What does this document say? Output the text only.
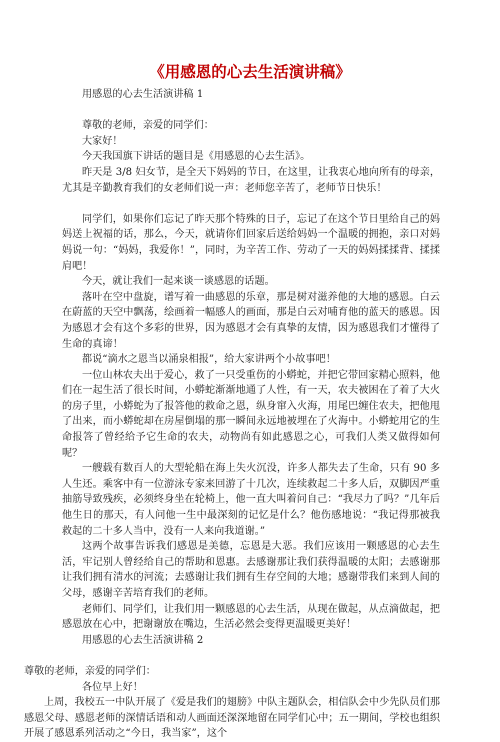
《用感恩的心去生活演讲稿》

用感恩的心去生活演讲稿 1

尊敬的老师，亲爱的同学们：

大家好！

今天我国旗下讲话的题目是《用感恩的心去生活》。

昨天是 3/8 妇女节，是全天下妈妈的节日，在这里，让我衷心地向所有的母亲，尤其是辛勤教育我们的女老师们说一声：老师您辛苦了，老师节日快乐！

同学们，如果你们忘记了昨天那个特殊的日子，忘记了在这个节日里给自己的妈妈送上祝福的话，那么，今天，就请你们回家后送给妈妈一个温暖的拥抱，亲口对妈妈说一句：“妈妈，我爱你！”，同时，为辛苦工作、劳动了一天的妈妈揉揉背、揉揉肩吧！

今天，就让我们一起来谈一谈感恩的话题。

落叶在空中盘旋，谱写着一曲感恩的乐章，那是树对滋养他的大地的感恩。白云在蔚蓝的天空中飘荡，绘画着一幅感人的画面，那是白云对哺育他的蓝天的感恩。因为感恩才会有这个多彩的世界，因为感恩才会有真挚的友情，因为感恩我们才懂得了生命的真谛！

都说“滴水之恩当以涌泉相报”，给大家讲两个小故事吧！

一位山林农夫出于爱心，救了一只受重伤的小蟒蛇，并把它带回家精心照料，他们在一起生活了很长时间，小蟒蛇渐渐地通了人性，有一天，农夫被困在了着了大火的房子里，小蟒蛇为了报答他的救命之恩，纵身窜入火海，用尾巴缠住农夫，把他甩了出来，而小蟒蛇却在房屋倒塌的那一瞬间永远地被埋在了火海中。小蟒蛇用它的生命报答了曾经给予它生命的农夫，动物尚有如此感恩之心，可我们人类又做得如何呢？

一艘载有数百人的大型轮船在海上失火沉没，许多人都失去了生命，只有 90 多人生还。乘客中有一位游泳专家来回游了十几次，连续救起二十多人后，双脚因严重抽筋导致残疾，必须终身坐在轮椅上，他一直大叫着问自己：“我尽力了吗？”几年后他生日的那天，有人问他一生中最深刻的记忆是什么？他伤感地说：“我记得那被我救起的二十多人当中，没有一人来向我道谢。”

这两个故事告诉我们感恩是美德，忘恩是大恶。我们应该用一颗感恩的心去生活，牢记别人曾经给自己的帮助和恩惠。去感谢那让我们获得温暖的太阳；去感谢那让我们拥有清水的河流；去感谢让我们拥有生存空间的大地；感谢带我们来到人间的父母，感谢辛苦培育我们的老师。

老师们、同学们，让我们用一颗感恩的心去生活，从现在做起，从点滴做起，把感恩放在心中，把谢谢放在嘴边，生活必然会变得更温暖更美好！

用感恩的心去生活演讲稿 2

尊敬的老师，亲爱的同学们：

各位早上好！

上周，我校五一中队开展了《爱是我们的翅膀》中队主题队会，相信队会中少先队员们那感恩父母、感恩老师的深情话语和动人画面还深深地留在同学们心中；五一期间，学校也组织开展了感恩系列活动之“今日，我当家”，这个
